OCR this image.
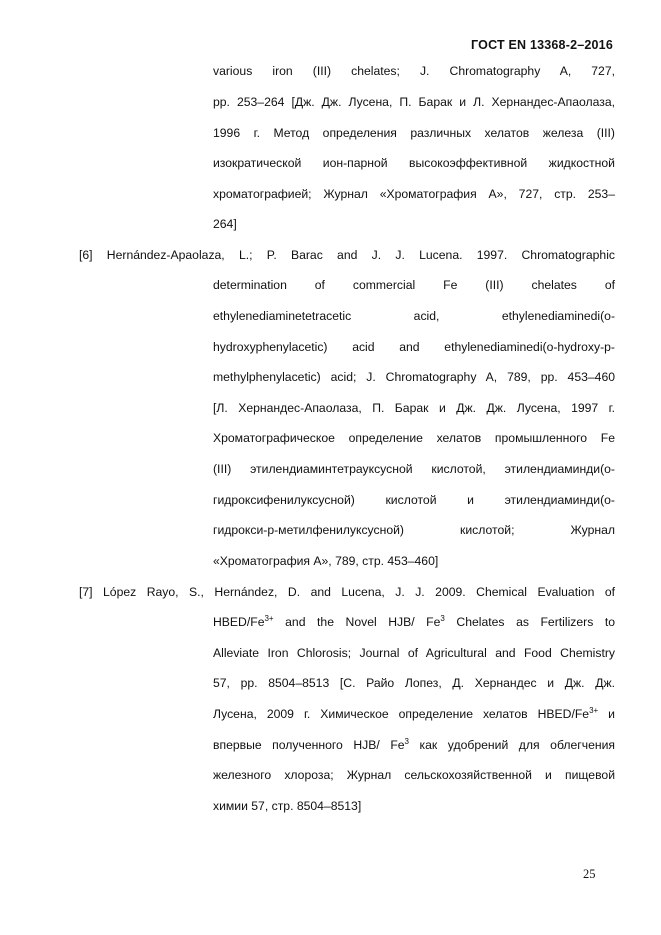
ГОСТ EN 13368-2–2016
various iron (III) chelates; J. Chromatography A, 727,
pp. 253–264 [Дж. Дж. Лусена, П. Барак и Л. Хернандес-Апаолаза,
1996 г. Метод определения различных хелатов железа (III)
изократической ион-парной высокоэффективной жидкостной
хроматографией; Журнал «Хроматография А», 727, стр. 253–
264]
[6] Hernández-Apaolaza, L.; P. Barac and J. J. Lucena. 1997. Chromatographic
determination of commercial Fe (III) chelates of
ethylenediaminetetracetic acid, ethylenediaminedi(o-
hydroxyphenylacetic) acid and ethylenediaminedi(o-hydroxy-p-
methylphenylacetic) acid; J. Chromatography A, 789, pp. 453–460
[Л. Хернандес-Апаолаза, П. Барак и Дж. Дж. Лусена, 1997 г.
Хроматографическое определение хелатов промышленного Fe
(III) этилендиаминтетрауксусной кислотой, этилендиаминди(о-
гидроксифенилуксусной) кислотой и этилендиаминди(о-
гидрокси-р-метилфенилуксусной) кислотой; Журнал
«Хроматография А», 789, стр. 453–460]
[7] López Rayo, S., Hernández, D. and Lucena, J. J. 2009. Chemical Evaluation of
HBED/$Fe^{3+}$ and the Novel HJB/ Fe$^3$ Chelates as Fertilizers to
Alleviate Iron Chlorosis; Journal of Agricultural and Food Chemistry
57, pp. 8504–8513 [С. Райо Лопез, Д. Хернандес и Дж. Дж.
Лусена, 2009 г. Химическое определение хелатов HBED/$Fe^{3+}$ и
впервые полученного HJB/ Fe$^3$ как удобрений для облегчения
железного хлороза; Журнал сельскохозяйственной и пищевой
химии 57, стр. 8504–8513]
25
